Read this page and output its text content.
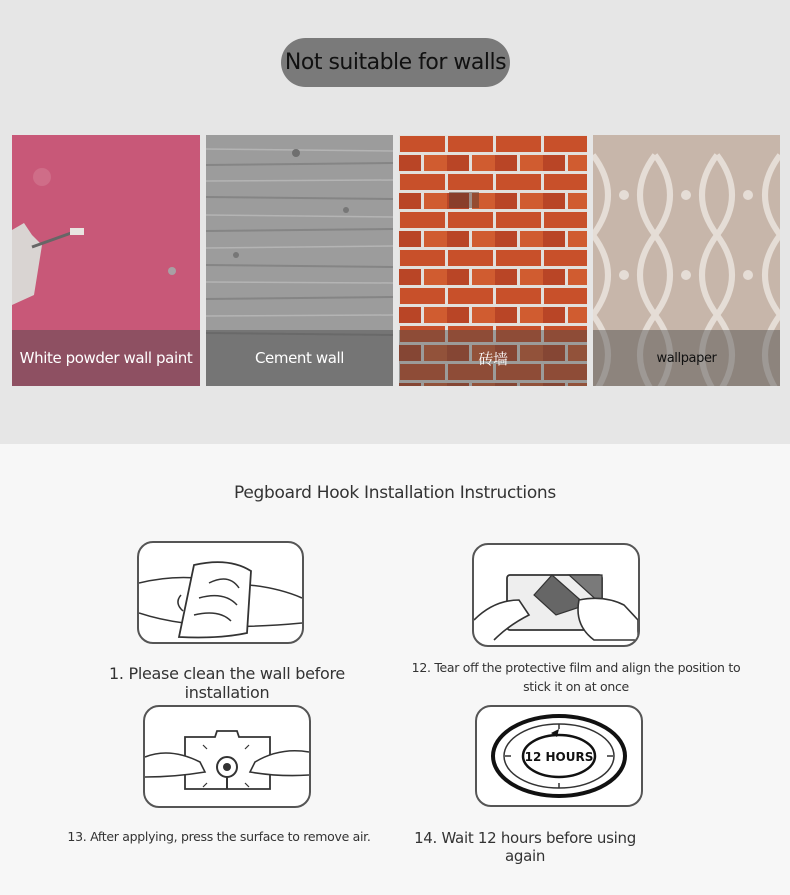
Not suitable for walls
White powder wall paint	Cement wall	砖墙	wallpaper
Pegboard Hook Installation Instructions
1. Please clean the wall before installation
12. Tear off the protective film and align the position to stick it on at once
13. After applying, press the surface to remove air.
12 HOURS
14. Wait 12 hours before using again
